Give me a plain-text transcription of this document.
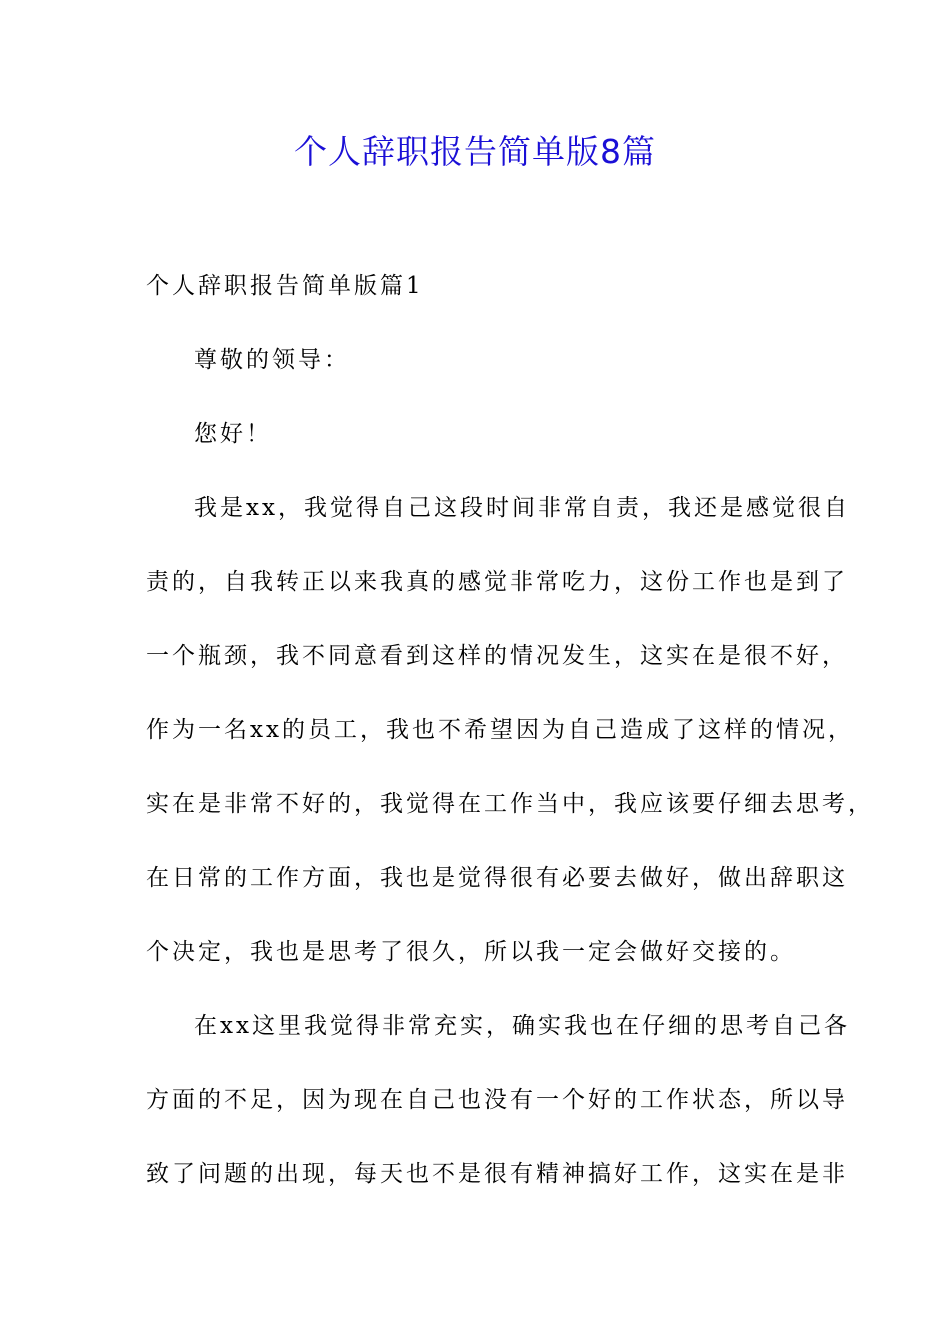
个人辞职报告简单版8篇

个人辞职报告简单版篇1

尊敬的领导：

您好！

我是xx，我觉得自己这段时间非常自责，我还是感觉很自

责的，自我转正以来我真的感觉非常吃力，这份工作也是到了

一个瓶颈，我不同意看到这样的情况发生，这实在是很不好，

作为一名xx的员工，我也不希望因为自己造成了这样的情况，

实在是非常不好的，我觉得在工作当中，我应该要仔细去思考，

在日常的工作方面，我也是觉得很有必要去做好，做出辞职这

个决定，我也是思考了很久，所以我一定会做好交接的。

在xx这里我觉得非常充实，确实我也在仔细的思考自己各

方面的不足，因为现在自己也没有一个好的工作状态，所以导

致了问题的出现，每天也不是很有精神搞好工作，这实在是非
